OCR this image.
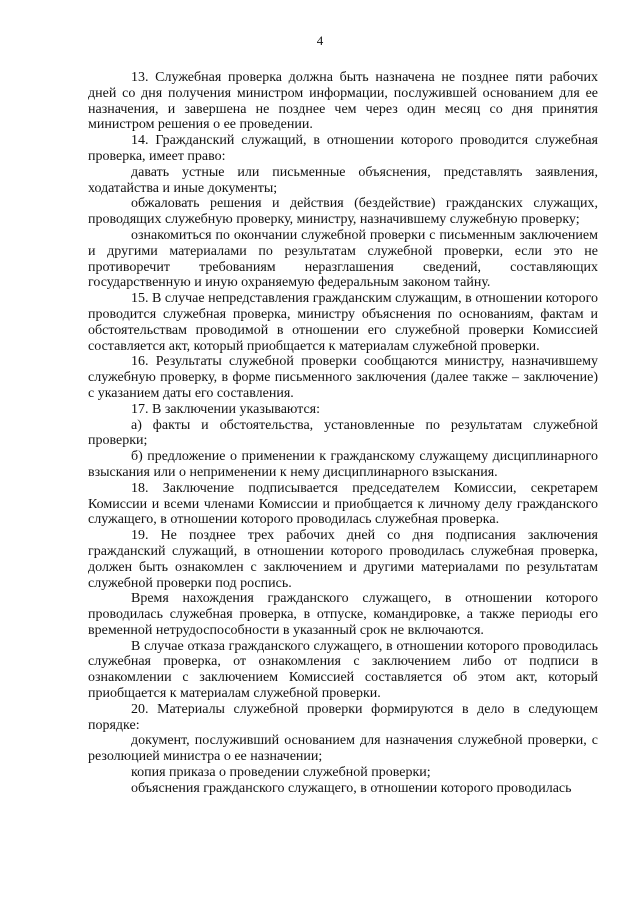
4

13. Служебная проверка должна быть назначена не позднее пяти рабочих дней со дня получения министром информации, послужившей основанием для ее назначения, и завершена не позднее чем через один месяц со дня принятия министром решения о ее проведении.

14. Гражданский служащий, в отношении которого проводится служебная проверка, имеет право:

давать устные или письменные объяснения, представлять заявления, ходатайства и иные документы;

обжаловать решения и действия (бездействие) гражданских служащих, проводящих служебную проверку, министру, назначившему служебную проверку;

ознакомиться по окончании служебной проверки с письменным заключением и другими материалами по результатам служебной проверки, если это не противоречит требованиям неразглашения сведений, составляющих государственную и иную охраняемую федеральным законом тайну.

15. В случае непредставления гражданским служащим, в отношении которого проводится служебная проверка, министру объяснения по основаниям, фактам и обстоятельствам проводимой в отношении его служебной проверки Комиссией составляется акт, который приобщается к материалам служебной проверки.

16. Результаты служебной проверки сообщаются министру, назначившему служебную проверку, в форме письменного заключения (далее также – заключение) с указанием даты его составления.

17. В заключении указываются:

а) факты и обстоятельства, установленные по результатам служебной проверки;

б) предложение о применении к гражданскому служащему дисциплинарного взыскания или о неприменении к нему дисциплинарного взыскания.

18. Заключение подписывается председателем Комиссии, секретарем Комиссии и всеми членами Комиссии и приобщается к личному делу гражданского служащего, в отношении которого проводилась служебная проверка.

19. Не позднее трех рабочих дней со дня подписания заключения гражданский служащий, в отношении которого проводилась служебная проверка, должен быть ознакомлен с заключением и другими материалами по результатам служебной проверки под роспись.

Время нахождения гражданского служащего, в отношении которого проводилась служебная проверка, в отпуске, командировке, а также периоды его временной нетрудоспособности в указанный срок не включаются.

В случае отказа гражданского служащего, в отношении которого проводилась служебная проверка, от ознакомления с заключением либо от подписи в ознакомлении с заключением Комиссией составляется об этом акт, который приобщается к материалам служебной проверки.

20. Материалы служебной проверки формируются в дело в следующем порядке:

документ, послуживший основанием для назначения служебной проверки, с резолюцией министра о ее назначении;

копия приказа о проведении служебной проверки;

объяснения гражданского служащего, в отношении которого проводилась
